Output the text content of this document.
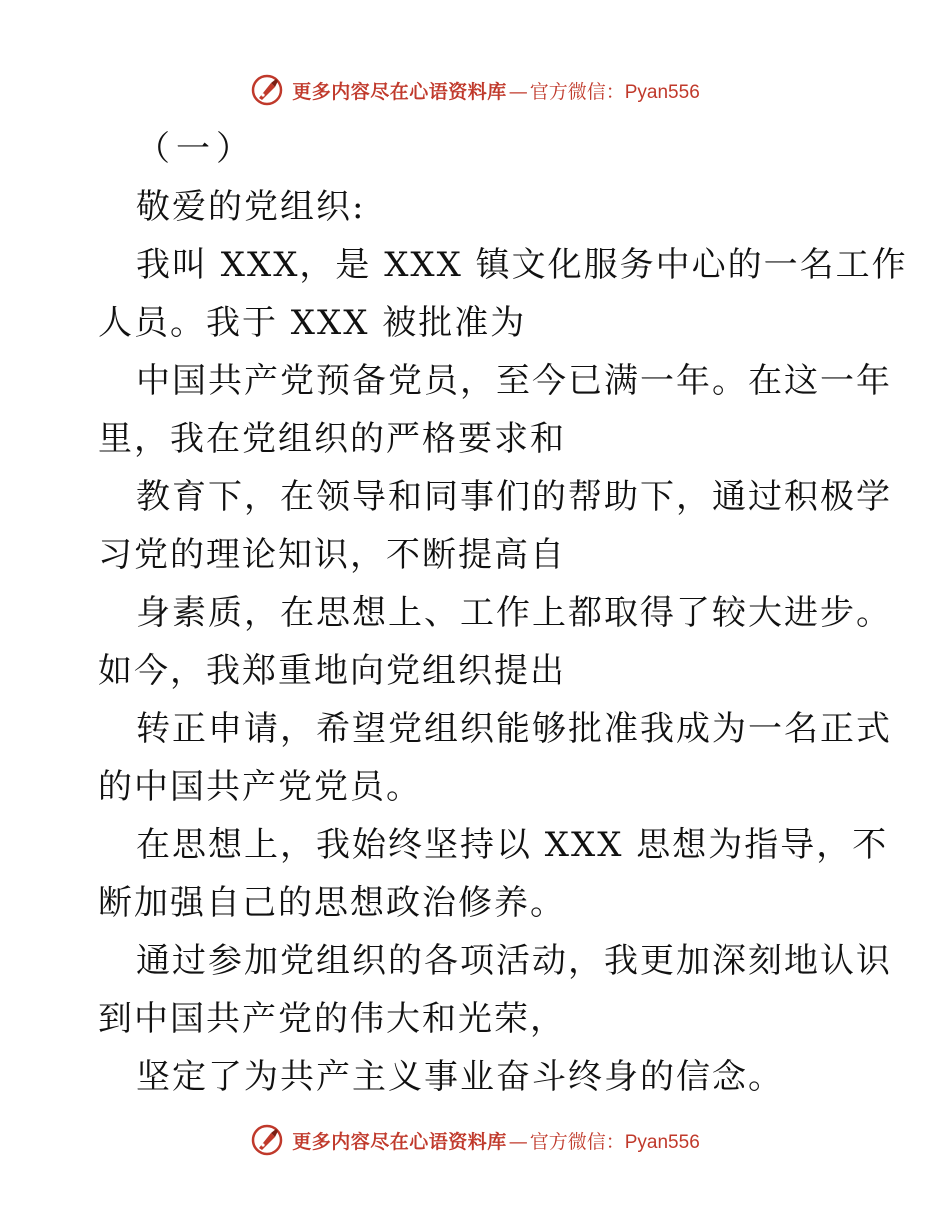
更多内容尽在心语资料库 — 官方微信： Pyan556
（一）
敬爱的党组织:
我叫 XXX，是 XXX 镇文化服务中心的一名工作
人员。我于 XXX 被批准为
中国共产党预备党员，至今已满一年。在这一年
里，我在党组织的严格要求和
教育下，在领导和同事们的帮助下，通过积极学
习党的理论知识，不断提高自
身素质，在思想上、工作上都取得了较大进步。
如今，我郑重地向党组织提出
转正申请，希望党组织能够批准我成为一名正式
的中国共产党党员。
在思想上，我始终坚持以 XXX 思想为指导，不
断加强自己的思想政治修养。
通过参加党组织的各项活动，我更加深刻地认识
到中国共产党的伟大和光荣，
坚定了为共产主义事业奋斗终身的信念。
更多内容尽在心语资料库 — 官方微信： Pyan556
